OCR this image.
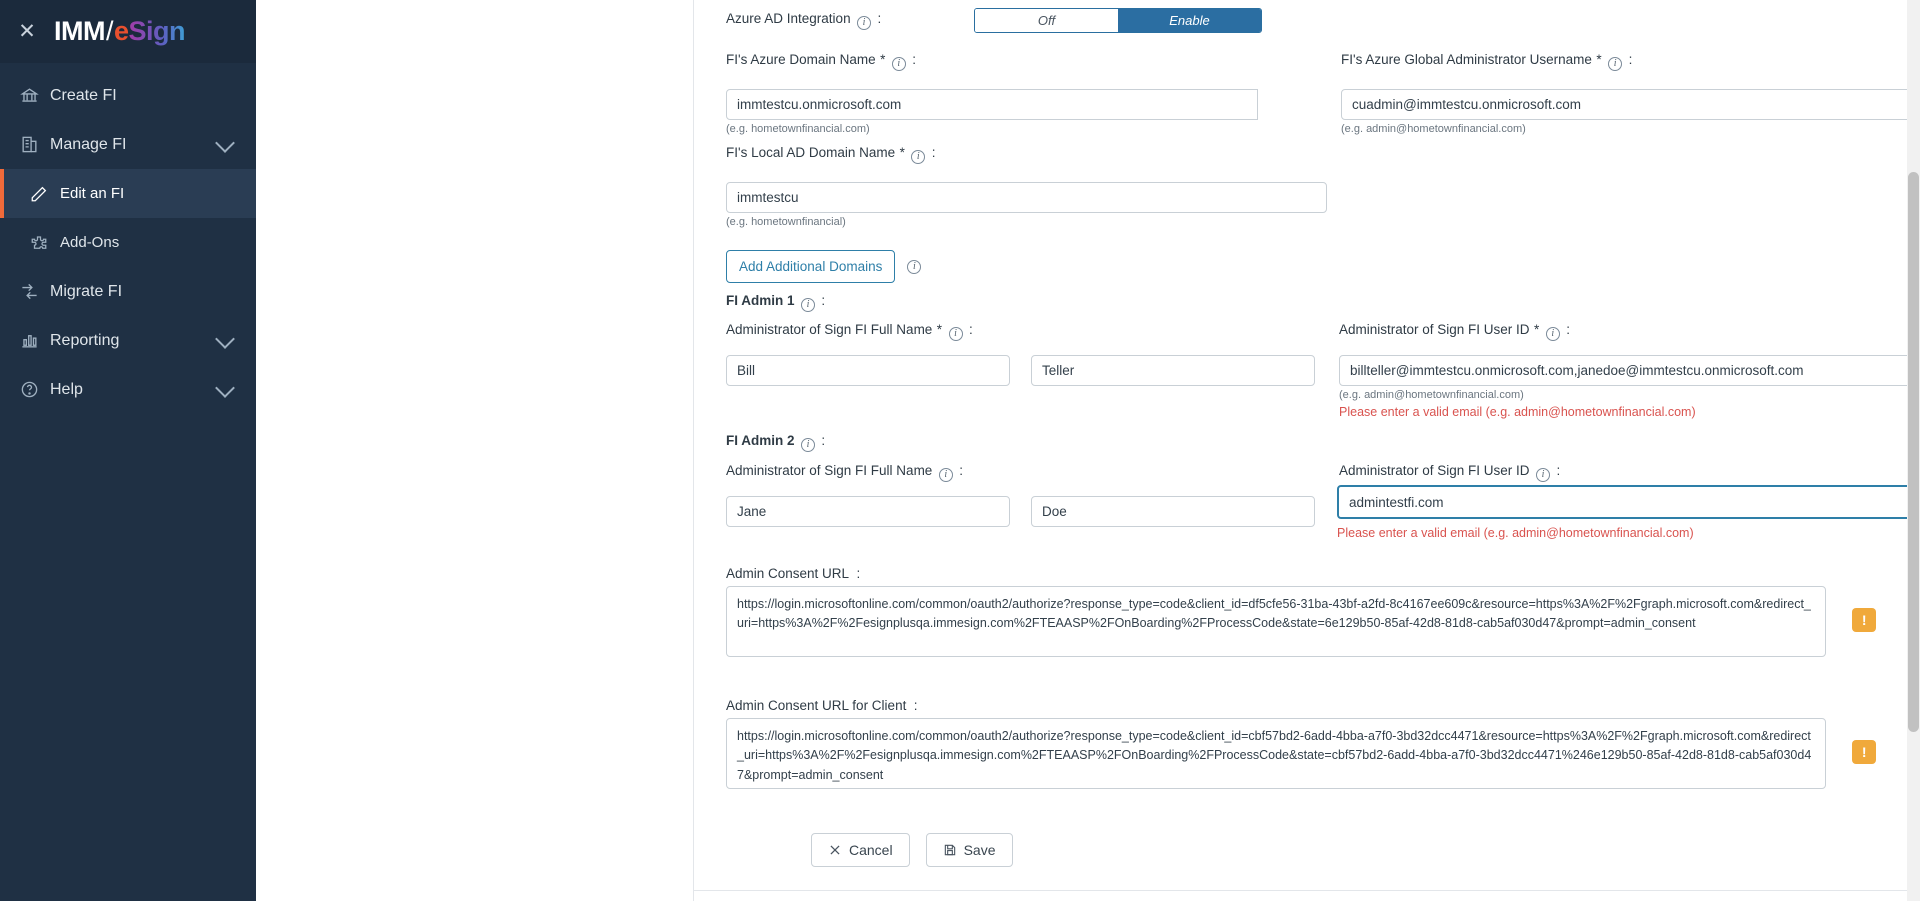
✕ IMM / e Sign
Create FI
Manage FI
Edit an FI
Add-Ons
Migrate FI
Reporting
Help
Azure AD Integration i :	Off	Enable
FI's Azure Domain Name * i :
immtestcu.onmicrosoft.com
(e.g. hometownfinancial.com)
FI's Azure Global Administrator Username * i :
cuadmin@immtestcu.onmicrosoft.com
(e.g. admin@hometownfinancial.com)
FI's Local AD Domain Name * i :
immtestcu
(e.g. hometownfinancial)
Add Additional Domains	i
FI Admin 1 i :
Administrator of Sign FI Full Name * i :
Bill
Teller	Administrator of Sign FI User ID * i :
billteller@immtestcu.onmicrosoft.com,janedoe@immtestcu.onmicrosoft.com
(e.g. admin@hometownfinancial.com)
Please enter a valid email (e.g. admin@hometownfinancial.com)
FI Admin 2 i :
Administrator of Sign FI Full Name i :
Jane
Doe	Administrator of Sign FI User ID i :
admintestfi.com
Please enter a valid email (e.g. admin@hometownfinancial.com)
Admin Consent URL :
https://login.microsoftonline.com/common/oauth2/authorize?response_type=code&client_id=df5cfe56-31ba-43bf-a2fd-8c4167ee609c&resource=https%3A%2F%2Fgraph.microsoft.com&redirect_uri=https%3A%2F%2Fesignplusqa.immesign.com%2FTEAASP%2FOnBoarding%2FProcessCode&state=6e129b50-85af-42d8-81d8-cab5af030d47&prompt=admin_consent	!
Admin Consent URL for Client :
https://login.microsoftonline.com/common/oauth2/authorize?response_type=code&client_id=cbf57bd2-6add-4bba-a7f0-3bd32dcc4471&resource=https%3A%2F%2Fgraph.microsoft.com&redirect_uri=https%3A%2F%2Fesignplusqa.immesign.com%2FTEAASP%2FOnBoarding%2FProcessCode&state=cbf57bd2-6add-4bba-a7f0-3bd32dcc4471%246e129b50-85af-42d8-81d8-cab5af030d47&prompt=admin_consent
!
Cancel	Save
